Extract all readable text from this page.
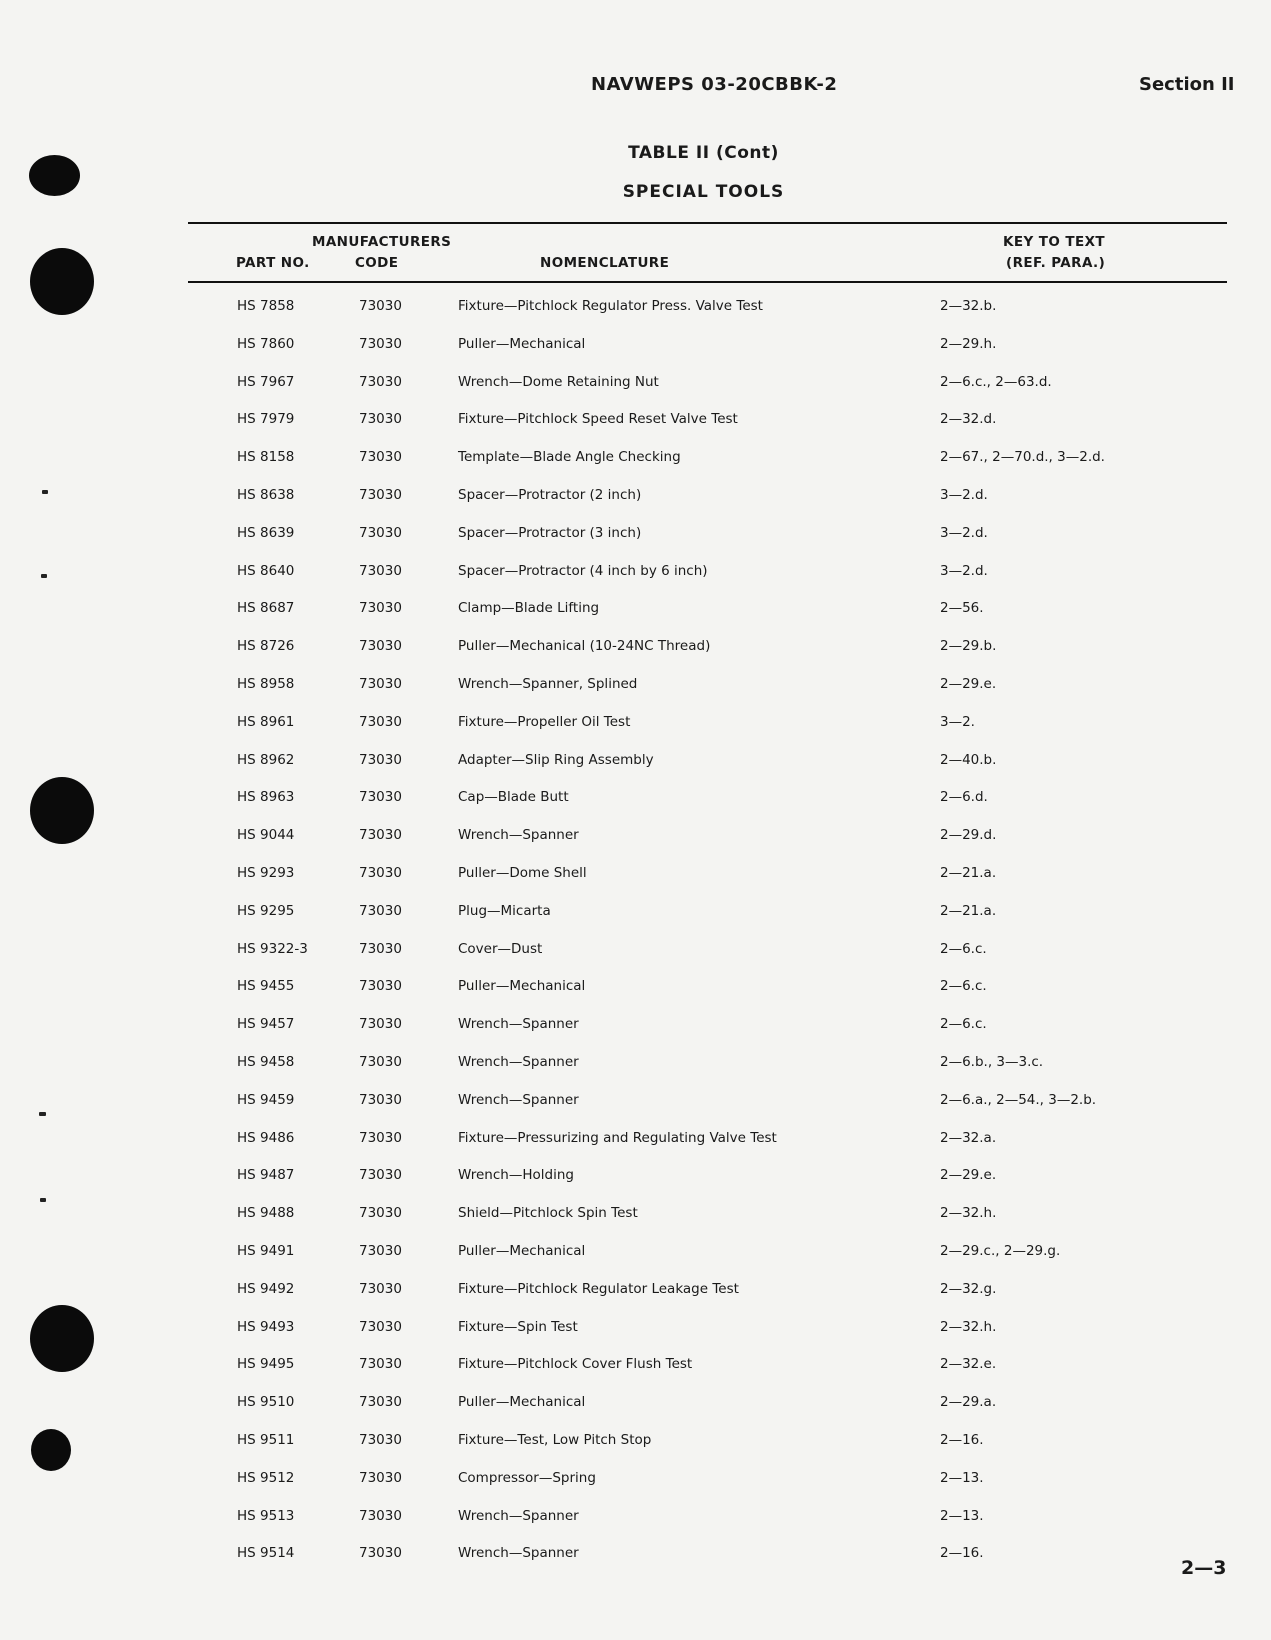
NAVWEPS 03-20CBBK-2	Section II
TABLE II (Cont)
SPECIAL TOOLS
MANUFACTURERS
PART NO.	CODE	NOMENCLATURE
KEY TO TEXT
(REF. PARA.)
HS 7858	73030	Fixture—Pitchlock Regulator Press. Valve Test	2—32.b.
HS 7860	73030	Puller—Mechanical	2—29.h.
HS 7967	73030	Wrench—Dome Retaining Nut	2—6.c., 2—63.d.
HS 7979	73030	Fixture—Pitchlock Speed Reset Valve Test	2—32.d.
HS 8158	73030	Template—Blade Angle Checking	2—67., 2—70.d., 3—2.d.
HS 8638	73030	Spacer—Protractor (2 inch)	3—2.d.
HS 8639	73030	Spacer—Protractor (3 inch)	3—2.d.
HS 8640	73030	Spacer—Protractor (4 inch by 6 inch)	3—2.d.
HS 8687	73030	Clamp—Blade Lifting	2—56.
HS 8726	73030	Puller—Mechanical (10-24NC Thread)	2—29.b.
HS 8958	73030	Wrench—Spanner, Splined	2—29.e.
HS 8961	73030	Fixture—Propeller Oil Test	3—2.
HS 8962	73030	Adapter—Slip Ring Assembly	2—40.b.
HS 8963	73030	Cap—Blade Butt	2—6.d.
HS 9044	73030	Wrench—Spanner	2—29.d.
HS 9293	73030	Puller—Dome Shell	2—21.a.
HS 9295	73030	Plug—Micarta	2—21.a.
HS 9322-3	73030	Cover—Dust	2—6.c.
HS 9455	73030	Puller—Mechanical	2—6.c.
HS 9457	73030	Wrench—Spanner	2—6.c.
HS 9458	73030	Wrench—Spanner	2—6.b., 3—3.c.
HS 9459	73030	Wrench—Spanner	2—6.a., 2—54., 3—2.b.
HS 9486	73030	Fixture—Pressurizing and Regulating Valve Test	2—32.a.
HS 9487	73030	Wrench—Holding	2—29.e.
HS 9488	73030	Shield—Pitchlock Spin Test	2—32.h.
HS 9491	73030	Puller—Mechanical	2—29.c., 2—29.g.
HS 9492	73030	Fixture—Pitchlock Regulator Leakage Test	2—32.g.
HS 9493	73030	Fixture—Spin Test	2—32.h.
HS 9495	73030	Fixture—Pitchlock Cover Flush Test	2—32.e.
HS 9510	73030	Puller—Mechanical	2—29.a.
HS 9511	73030	Fixture—Test, Low Pitch Stop	2—16.
HS 9512	73030	Compressor—Spring	2—13.
HS 9513	73030	Wrench—Spanner	2—13.
HS 9514	73030	Wrench—Spanner	2—16.
2—3
